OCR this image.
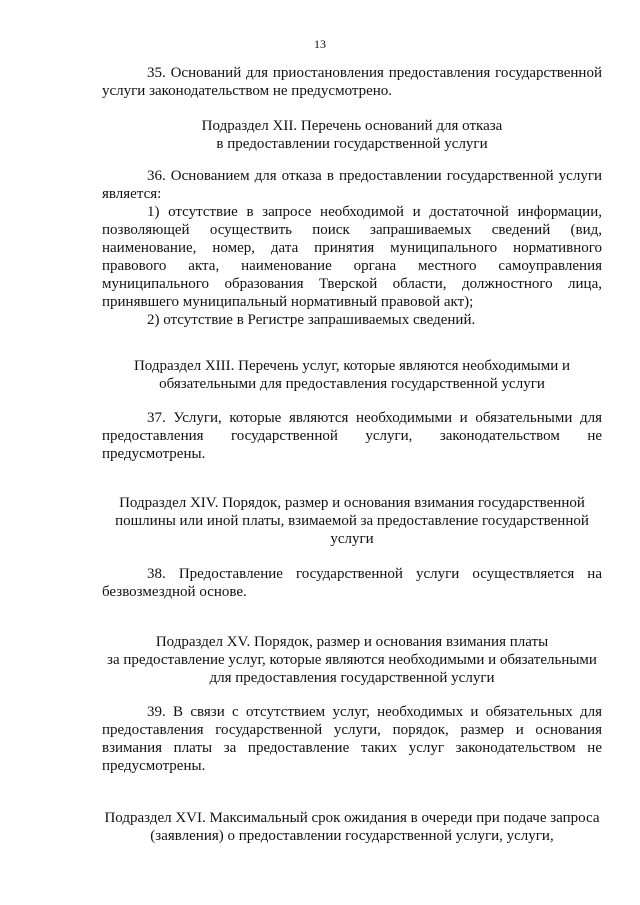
13
35. Оснований для приостановления предоставления государственной
услуги законодательством не предусмотрено.
Подраздел XII. Перечень оснований для отказа
в предоставлении государственной услуги
36. Основанием для отказа в предоставлении государственной услуги
является:
1) отсутствие в запросе необходимой и достаточной информации,
позволяющей осуществить поиск запрашиваемых сведений (вид,
наименование, номер, дата принятия муниципального нормативного
правового акта, наименование органа местного самоуправления
муниципального образования Тверской области, должностного лица,
принявшего муниципальный нормативный правовой акт);
2) отсутствие в Регистре запрашиваемых сведений.
Подраздел XIII. Перечень услуг, которые являются необходимыми и
обязательными для предоставления государственной услуги
37. Услуги, которые являются необходимыми и обязательными для
предоставления государственной услуги, законодательством не
предусмотрены.
Подраздел XIV. Порядок, размер и основания взимания государственной
пошлины или иной платы, взимаемой за предоставление государственной
услуги
38. Предоставление государственной услуги осуществляется на
безвозмездной основе.
Подраздел XV. Порядок, размер и основания взимания платы
за предоставление услуг, которые являются необходимыми и обязательными
для предоставления государственной услуги
39. В связи с отсутствием услуг, необходимых и обязательных для
предоставления государственной услуги, порядок, размер и основания
взимания платы за предоставление таких услуг законодательством не
предусмотрены.
Подраздел XVI. Максимальный срок ожидания в очереди при подаче запроса
(заявления) о предоставлении государственной услуги, услуги,
